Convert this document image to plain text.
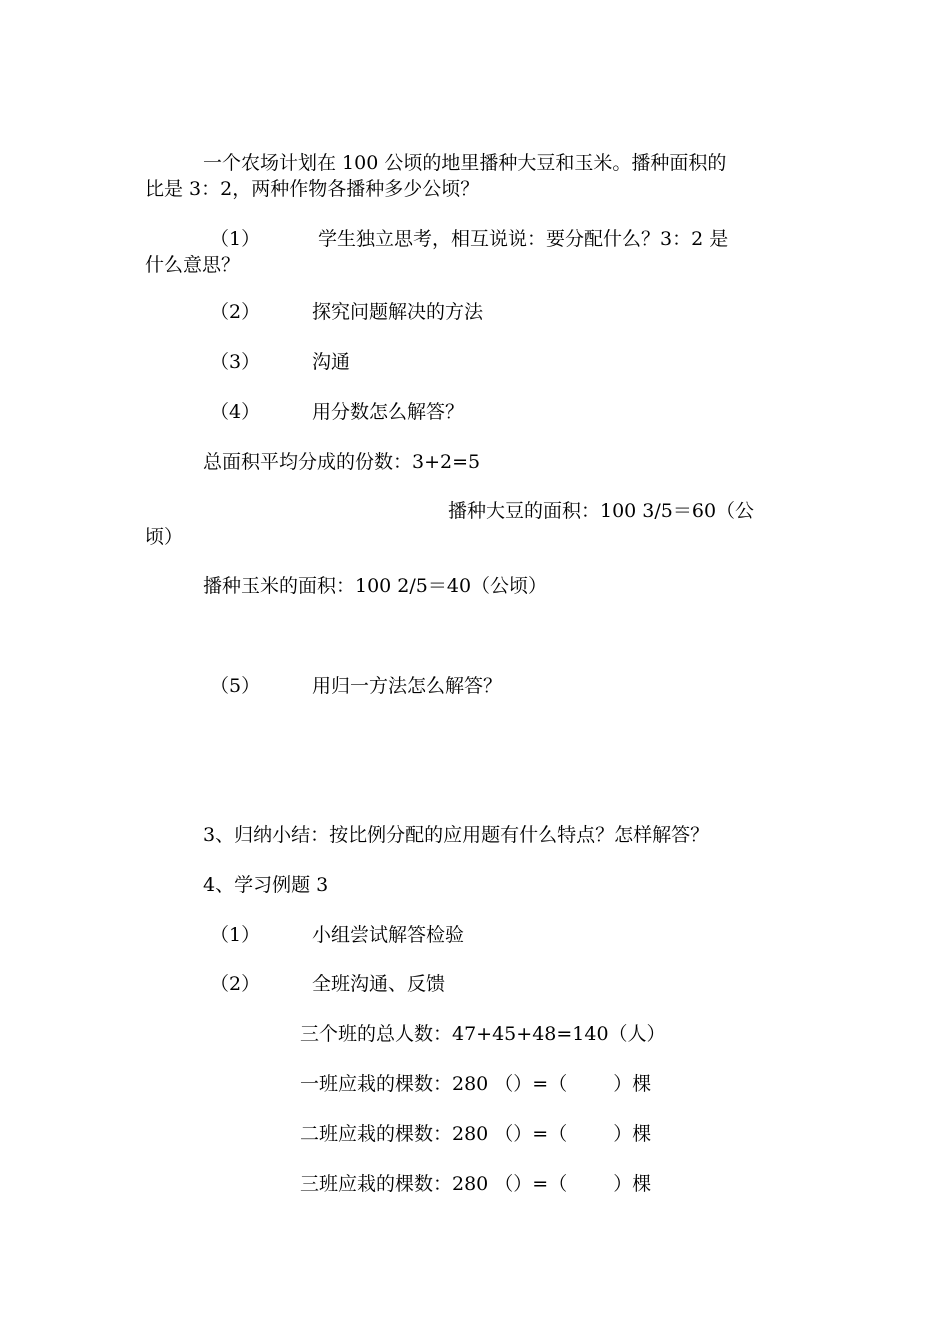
一个农场计划在 100 公顷的地里播种大豆和玉米。播种面积的
比是 3：2，两种作物各播种多少公顷？
（1）	学生独立思考，相互说说：要分配什么？3：2 是
什么意思？
（2）	探究问题解决的方法
（3）	沟通
（4）	用分数怎么解答？
总面积平均分成的份数：3+2=5
播种大豆的面积：100 3/5＝60（公
顷）
播种玉米的面积：100 2/5＝40（公顷）
（5）	用归一方法怎么解答？
3、归纳小结：按比例分配的应用题有什么特点？怎样解答？
4、学习例题 3
（1）	小组尝试解答检验
（2）	全班沟通、反馈
三个班的总人数：47+45+48=140（人）
一班应栽的棵数：280 （）=（ ）棵
二班应栽的棵数：280 （）=（ ）棵
三班应栽的棵数：280 （）=（ ）棵
